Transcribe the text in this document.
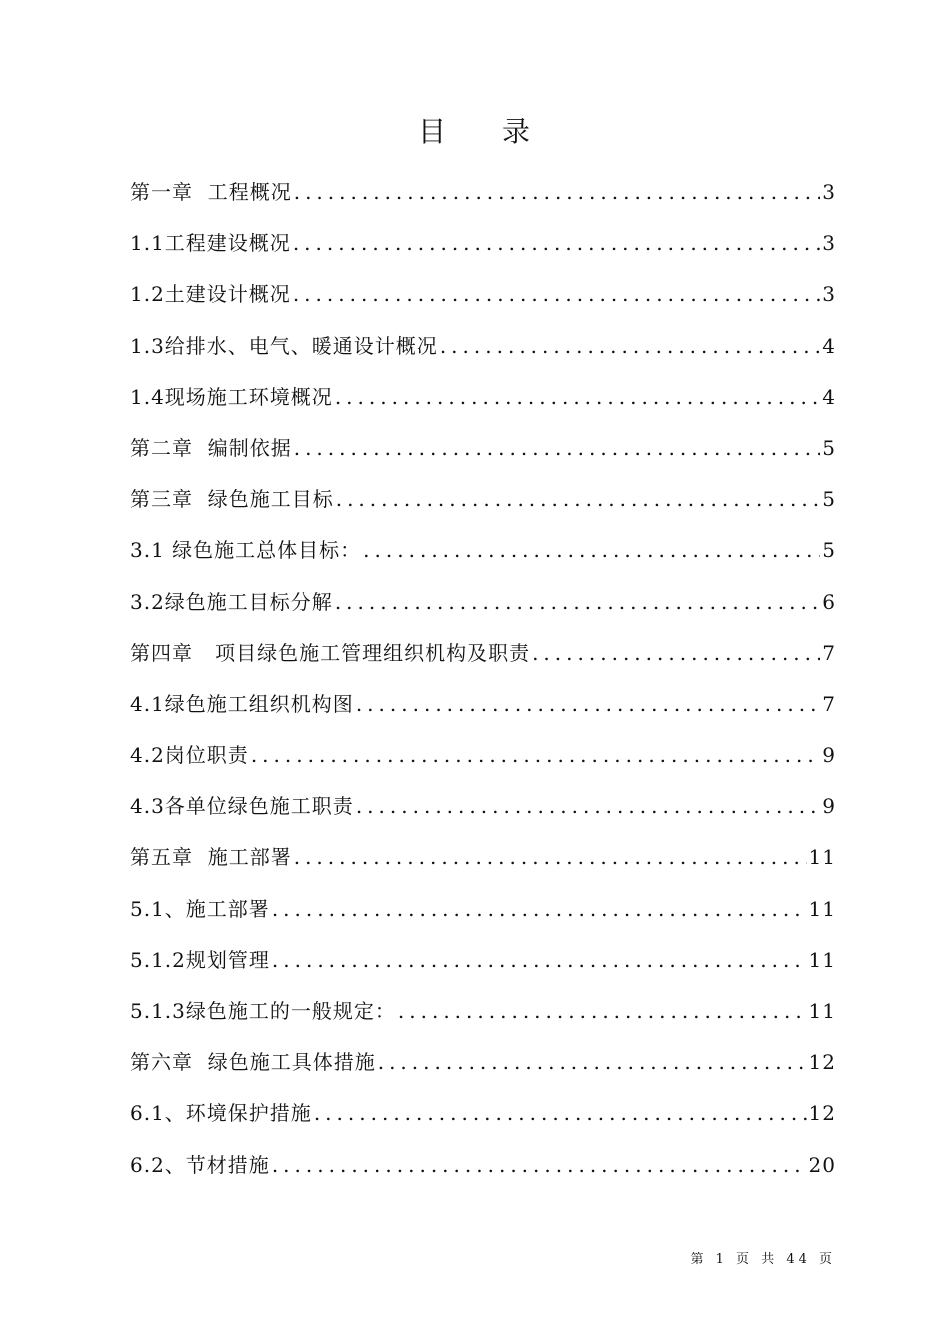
目 录
第一章  工程概况 .....	3
1.1工程建设概况 .....	3
1.2土建设计概况 .....	3
1.3给排水、电气、暖通设计概况 .....	4
1.4现场施工环境概况 .....	4
第二章  编制依据 .....	5
第三章  绿色施工目标 .....	5
3.1 绿色施工总体目标： .....	5
3.2绿色施工目标分解 .....	6
第四章   项目绿色施工管理组织机构及职责 .....	7
4.1绿色施工组织机构图 .....	7
4.2岗位职责 .....	9
4.3各单位绿色施工职责 .....	9
第五章  施工部署 .....	11
5.1、施工部署 .....	11
5.1.2规划管理 .....	11
5.1.3绿色施工的一般规定： .....	11
第六章  绿色施工具体措施 .....	12
6.1、环境保护措施 .....	12
6.2、节材措施 .....	20
第 1 页 共 44 页
